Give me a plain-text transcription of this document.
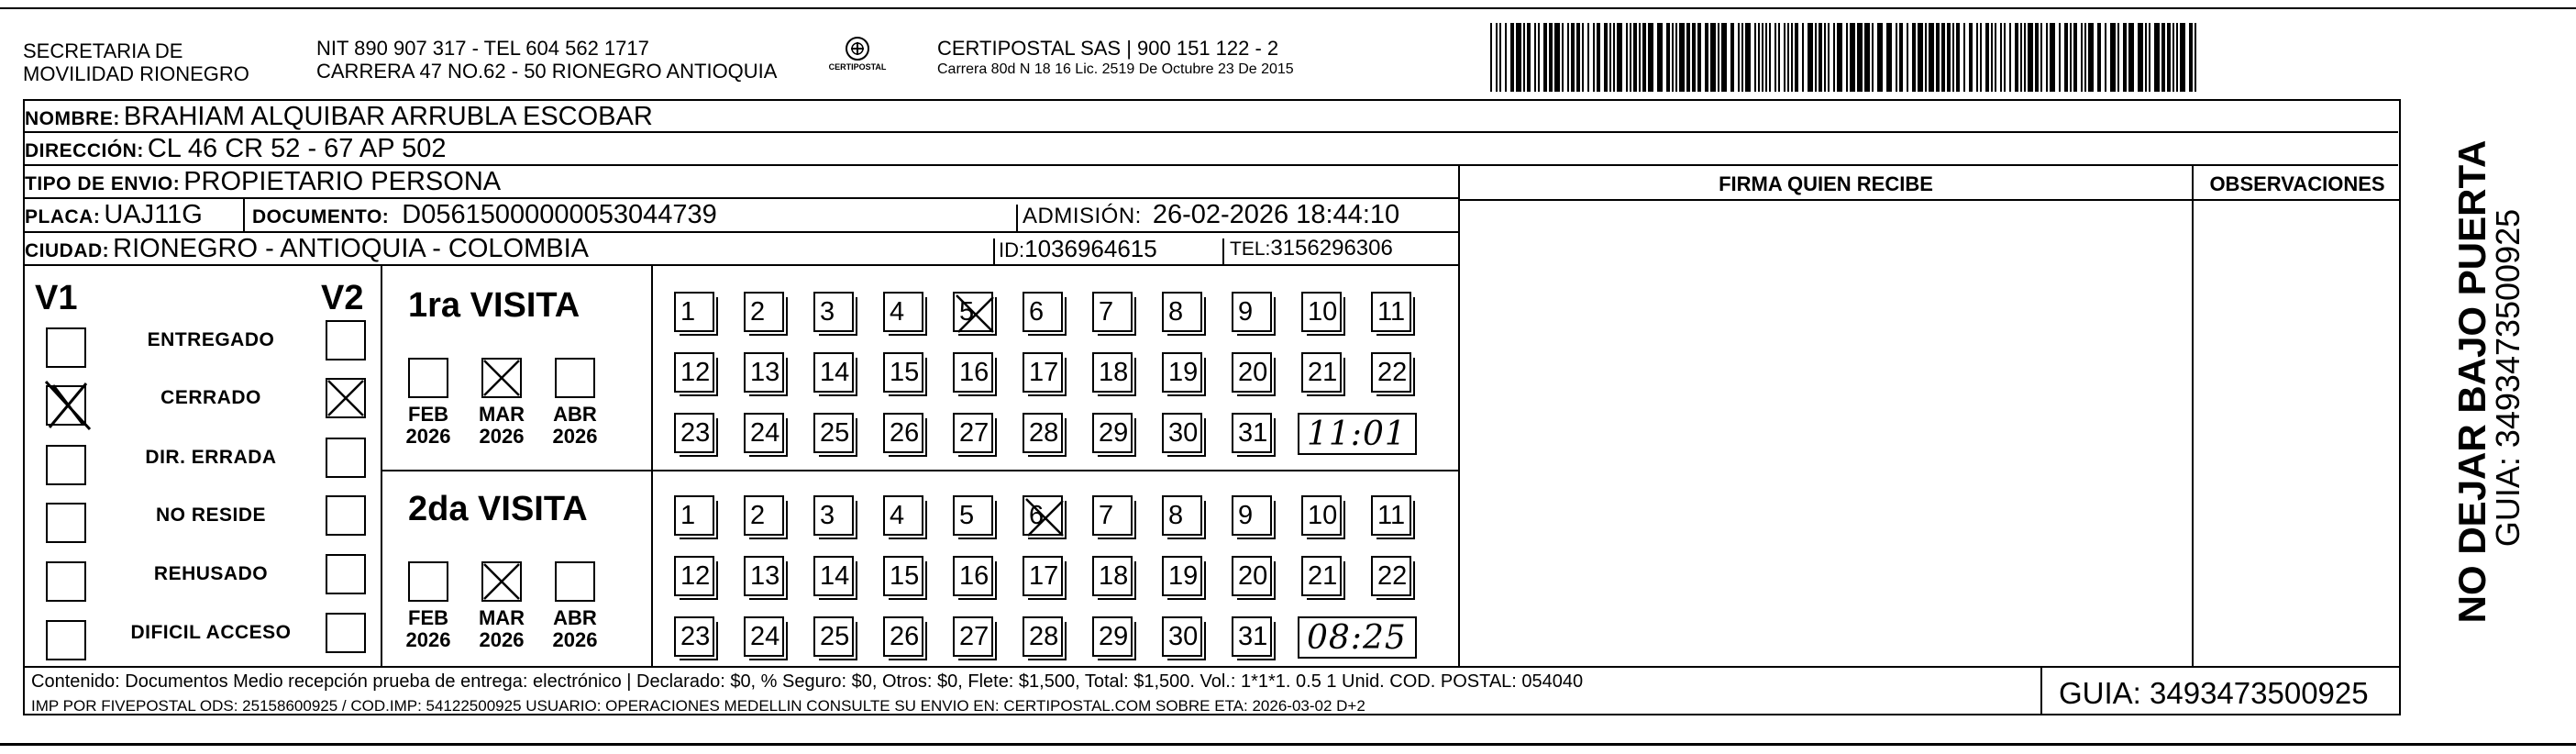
SECRETARIA DE
MOVILIDAD RIONEGRO
NIT 890 907 317 - TEL 604 562 1717
CARRERA 47 NO.62 - 50 RIONEGRO ANTIOQUIA	CERTIPOSTAL
CERTIPOSTAL SAS | 900 151 122 - 2
Carrera 80d N 18 16 Lic. 2519 De Octubre 23 De 2015
NOMBRE: BRAHIAM ALQUIBAR ARRUBLA ESCOBAR
DIRECCIÓN: CL 46 CR 52 - 67 AP 502
TIPO DE ENVIO: PROPIETARIO PERSONA
PLACA: UAJ11G	DOCUMENTO: D05615000000053044739	ADMISIÓN: 26-02-2026 18:44:10
CIUDAD: RIONEGRO - ANTIOQUIA - COLOMBIA	ID:1036964615	TEL:3156296306
FIRMA QUIEN RECIBE	OBSERVACIONES
V1	V2
ENTREGADO
CERRADO
DIR. ERRADA
NO RESIDE
REHUSADO
DIFICIL ACCESO
1ra VISITA
FEB
2026
MAR
2026
ABR
2026
1	2	3	4	5	6	7	8	9	10 11
12 13 14 15 16 17 18 19 20 21 22
23 24 25 26 27 28 29 30 31 11:01
2da VISITA
FEB
2026
MAR
2026
ABR
2026
1	2	3	4	5	6	7	8	9	10 11
12 13 14 15 16 17 18 19 20 21 22
23 24 25 26 27 28 29 30 31 08:25
Contenido: Documentos Medio recepción prueba de entrega: electrónico | Declarado: $0, % Seguro: $0, Otros: $0, Flete: $1,500, Total: $1,500. Vol.: 1*1*1. 0.5 1 Unid. COD. POSTAL: 054040
IMP POR FIVEPOSTAL ODS: 25158600925 / COD.IMP: 54122500925 USUARIO: OPERACIONES MEDELLIN CONSULTE SU ENVIO EN: CERTIPOSTAL.COM SOBRE ETA: 2026-03-02 D+2	GUIA: 3493473500925
NO DEJAR BAJO PUERTA
GUIA: 3493473500925
